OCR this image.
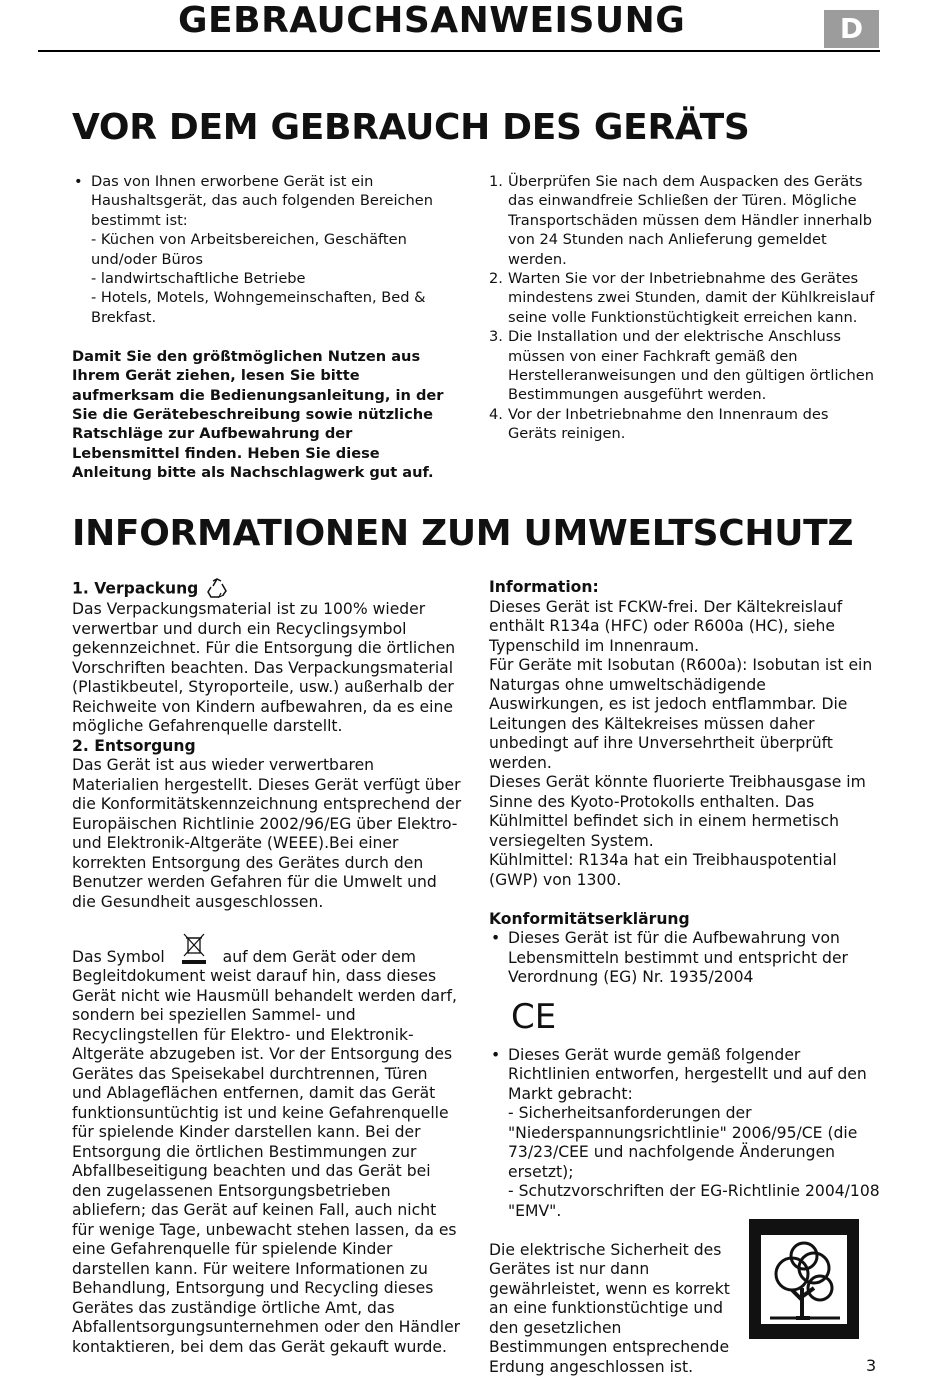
GEBRAUCHSANWEISUNG	D
VOR DEM GEBRAUCH DES GERÄTS
• Das von Ihnen erworbene Gerät ist ein Haushaltsgerät, das auch folgenden Bereichen bestimmt ist:

- Küchen von Arbeitsbereichen, Geschäften und/oder Büros

- landwirtschaftliche Betriebe

- Hotels, Motels, Wohngemeinschaften, Bed & Brekfast.

Damit Sie den größtmöglichen Nutzen aus Ihrem Gerät ziehen, lesen Sie bitte aufmerksam die Bedienungsanleitung, in der Sie die Gerätebeschreibung sowie nützliche Ratschläge zur Aufbewahrung der Lebensmittel finden. Heben Sie diese Anleitung bitte als Nachschlagwerk gut auf.

1. Überprüfen Sie nach dem Auspacken des Geräts das einwandfreie Schließen der Türen. Mögliche Transportschäden müssen dem Händler innerhalb von 24 Stunden nach Anlieferung gemeldet werden.

2. Warten Sie vor der Inbetriebnahme des Gerätes mindestens zwei Stunden, damit der Kühlkreislauf seine volle Funktionstüchtigkeit erreichen kann.

3. Die Installation und der elektrische Anschluss müssen von einer Fachkraft gemäß den Herstelleranweisungen und den gültigen örtlichen Bestimmungen ausgeführt werden.

4. Vor der Inbetriebnahme den Innenraum des Geräts reinigen.

INFORMATIONEN ZUM UMWELTSCHUTZ

1. Verpackung

Das Verpackungsmaterial ist zu 100% wieder verwertbar und durch ein Recyclingsymbol gekennzeichnet. Für die Entsorgung die örtlichen Vorschriften beachten. Das Verpackungsmaterial (Plastikbeutel, Styroporteile, usw.) außerhalb der Reichweite von Kindern aufbewahren, da es eine mögliche Gefahrenquelle darstellt.

2. Entsorgung

Das Gerät ist aus wieder verwertbaren Materialien hergestellt. Dieses Gerät verfügt über die Konformitätskennzeichnung entsprechend der Europäischen Richtlinie 2002/96/EG über Elektro- und Elektronik-Altgeräte (WEEE).Bei einer korrekten Entsorgung des Gerätes durch den Benutzer werden Gefahren für die Umwelt und die Gesundheit ausgeschlossen.

Das Symbol	auf dem Gerät oder dem

Begleitdokument weist darauf hin, dass dieses Gerät nicht wie Hausmüll behandelt werden darf, sondern bei speziellen Sammel- und Recyclingstellen für Elektro- und Elektronik-Altgeräte abzugeben ist. Vor der Entsorgung des Gerätes das Speisekabel durchtrennen, Türen und Ablageflächen entfernen, damit das Gerät funktionsuntüchtig ist und keine Gefahrenquelle für spielende Kinder darstellen kann. Bei der Entsorgung die örtlichen Bestimmungen zur Abfallbeseitigung beachten und das Gerät bei den zugelassenen Entsorgungsbetrieben abliefern; das Gerät auf keinen Fall, auch nicht für wenige Tage, unbewacht stehen lassen, da es eine Gefahrenquelle für spielende Kinder darstellen kann. Für weitere Informationen zu Behandlung, Entsorgung und Recycling dieses Gerätes das zuständige örtliche Amt, das Abfallentsorgungsunternehmen oder den Händler kontaktieren, bei dem das Gerät gekauft wurde.

Information:

Dieses Gerät ist FCKW-frei. Der Kältekreislauf enthält R134a (HFC) oder R600a (HC), siehe Typenschild im Innenraum.

Für Geräte mit Isobutan (R600a): Isobutan ist ein Naturgas ohne umweltschädigende Auswirkungen, es ist jedoch entflammbar. Die Leitungen des Kältekreises müssen daher unbedingt auf ihre Unversehrtheit überprüft werden.

Dieses Gerät könnte fluorierte Treibhausgase im Sinne des Kyoto-Protokolls enthalten. Das Kühlmittel befindet sich in einem hermetisch versiegelten System.

Kühlmittel: R134a hat ein Treibhauspotential (GWP) von 1300.

Konformitätserklärung

• Dieses Gerät ist für die Aufbewahrung von Lebensmitteln bestimmt und entspricht der Verordnung (EG) Nr. 1935/2004

CE
• Dieses Gerät wurde gemäß folgender Richtlinien entworfen, hergestellt und auf den Markt gebracht:

- Sicherheitsanforderungen der "Niederspannungsrichtlinie" 2006/95/CE (die 73/23/CEE und nachfolgende Änderungen ersetzt);

- Schutzvorschriften der EG-Richtlinie 2004/108 "EMV".

Die elektrische Sicherheit des Gerätes ist nur dann gewährleistet, wenn es korrekt an eine funktionstüchtige und den gesetzlichen Bestimmungen entsprechende Erdung angeschlossen ist.	3
